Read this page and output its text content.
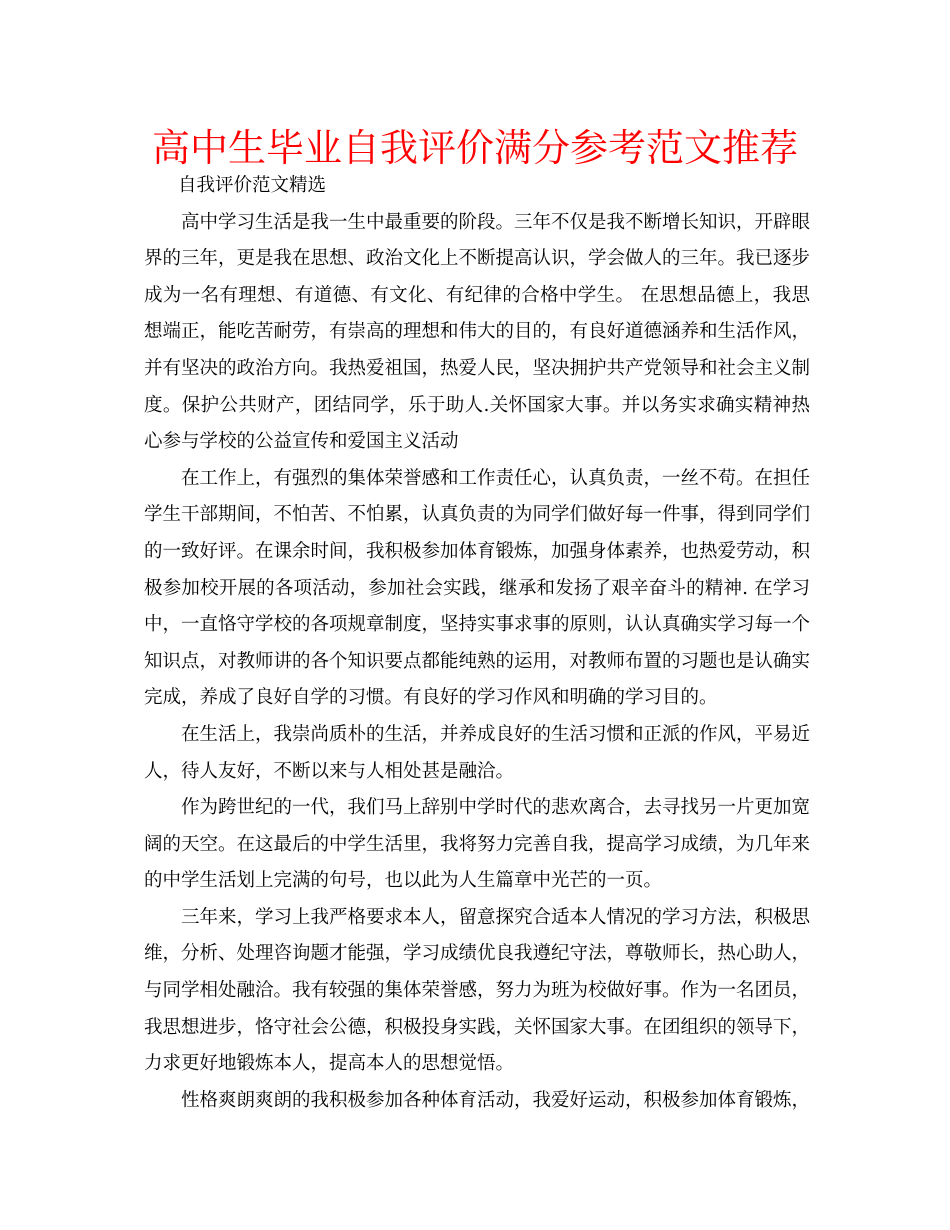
高中生毕业自我评价满分参考范文推荐

自我评价范文精选

高中学习生活是我一生中最重要的阶段。三年不仅是我不断增长知识，开辟眼界的三年，更是我在思想、政治文化上不断提高认识，学会做人的三年。我已逐步成为一名有理想、有道德、有文化、有纪律的合格中学生。 在思想品德上，我思想端正，能吃苦耐劳，有崇高的理想和伟大的目的，有良好道德涵养和生活作风，并有坚决的政治方向。我热爱祖国，热爱人民，坚决拥护共产党领导和社会主义制度。保护公共财产，团结同学，乐于助人.关怀国家大事。并以务实求确实精神热心参与学校的公益宣传和爱国主义活动

在工作上，有强烈的集体荣誉感和工作责任心，认真负责，一丝不苟。在担任学生干部期间，不怕苦、不怕累，认真负责的为同学们做好每一件事，得到同学们的一致好评。在课余时间，我积极参加体育锻炼，加强身体素养，也热爱劳动，积极参加校开展的各项活动，参加社会实践，继承和发扬了艰辛奋斗的精神. 在学习中，一直恪守学校的各项规章制度，坚持实事求事的原则，认认真确实学习每一个知识点，对教师讲的各个知识要点都能纯熟的运用，对教师布置的习题也是认确实完成，养成了良好自学的习惯。有良好的学习作风和明确的学习目的。

在生活上，我崇尚质朴的生活，并养成良好的生活习惯和正派的作风，平易近人，待人友好，不断以来与人相处甚是融洽。

作为跨世纪的一代，我们马上辞别中学时代的悲欢离合，去寻找另一片更加宽阔的天空。在这最后的中学生活里，我将努力完善自我，提高学习成绩，为几年来的中学生活划上完满的句号，也以此为人生篇章中光芒的一页。

三年来，学习上我严格要求本人，留意探究合适本人情况的学习方法，积极思维，分析、处理咨询题才能强，学习成绩优良我遵纪守法，尊敬师长，热心助人，与同学相处融洽。我有较强的集体荣誉感，努力为班为校做好事。作为一名团员，我思想进步，恪守社会公德，积极投身实践，关怀国家大事。在团组织的领导下，力求更好地锻炼本人，提高本人的思想觉悟。

性格爽朗爽朗的我积极参加各种体育活动，我爱好运动，积极参加体育锻炼，
